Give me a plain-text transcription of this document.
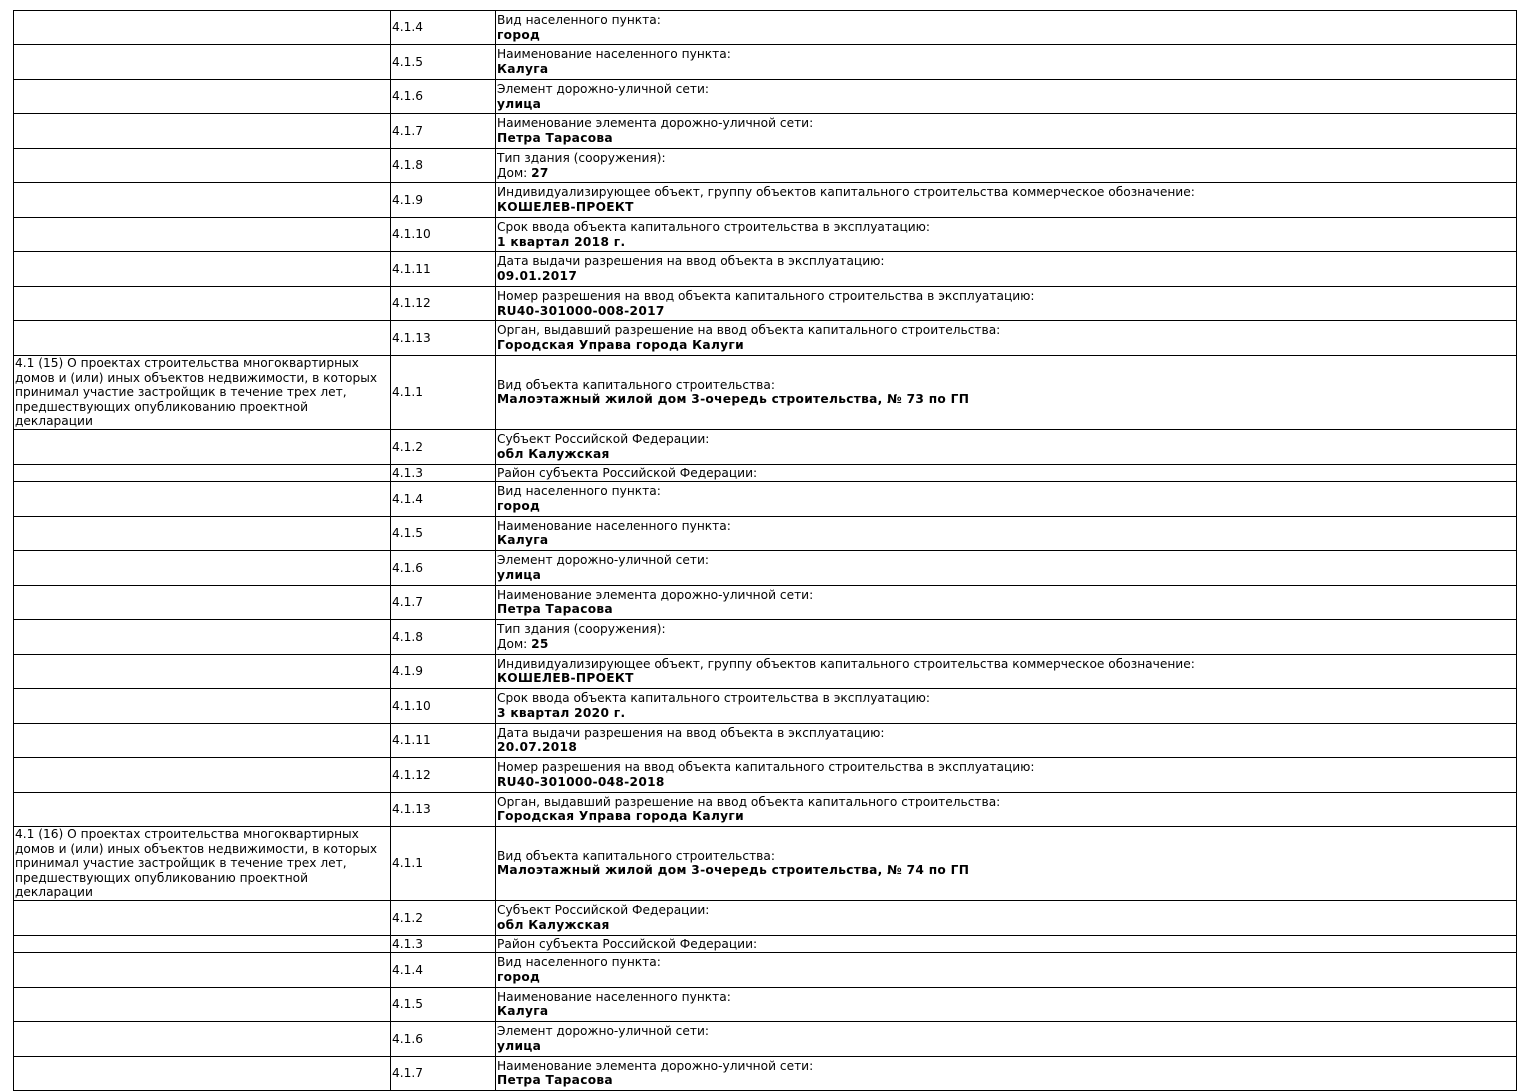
	4.1.4	Вид населенного пункта:
город

	4.1.5	Наименование населенного пункта:
Калуга

	4.1.6	Элемент дорожно-уличной сети:
улица

	4.1.7	Наименование элемента дорожно-уличной сети:
Петра Тарасова

	4.1.8	Тип здания (сооружения):
Дом: 27

	4.1.9	Индивидуализирующее объект, группу объектов капитального строительства коммерческое обозначение:
КОШЕЛЕВ-ПРОЕКТ

	4.1.10	Срок ввода объекта капитального строительства в эксплуатацию:
1 квартал 2018 г.

	4.1.11	Дата выдачи разрешения на ввод объекта в эксплуатацию:
09.01.2017

	4.1.12	Номер разрешения на ввод объекта капитального строительства в эксплуатацию:
RU40-301000-008-2017

	4.1.13	Орган, выдавший разрешение на ввод объекта капитального строительства:
Городская Управа города Калуги

4.1 (15) О проектах строительства многоквартирных домов и (или) иных объектов недвижимости, в которых принимал участие застройщик в течение трех лет, предшествующих опубликованию проектной декларации	4.1.1	Вид объекта капитального строительства:
Малоэтажный жилой дом 3-очередь строительства, № 73 по ГП

	4.1.2	Субъект Российской Федерации:
обл Калужская

	4.1.3	Район субъекта Российской Федерации:

	4.1.4	Вид населенного пункта:
город

	4.1.5	Наименование населенного пункта:
Калуга

	4.1.6	Элемент дорожно-уличной сети:
улица

	4.1.7	Наименование элемента дорожно-уличной сети:
Петра Тарасова

	4.1.8	Тип здания (сооружения):
Дом: 25

	4.1.9	Индивидуализирующее объект, группу объектов капитального строительства коммерческое обозначение:
КОШЕЛЕВ-ПРОЕКТ

	4.1.10	Срок ввода объекта капитального строительства в эксплуатацию:
3 квартал 2020 г.

	4.1.11	Дата выдачи разрешения на ввод объекта в эксплуатацию:
20.07.2018

	4.1.12	Номер разрешения на ввод объекта капитального строительства в эксплуатацию:
RU40-301000-048-2018

	4.1.13	Орган, выдавший разрешение на ввод объекта капитального строительства:
Городская Управа города Калуги

4.1 (16) О проектах строительства многоквартирных домов и (или) иных объектов недвижимости, в которых принимал участие застройщик в течение трех лет, предшествующих опубликованию проектной декларации	4.1.1	Вид объекта капитального строительства:
Малоэтажный жилой дом 3-очередь строительства, № 74 по ГП

	4.1.2	Субъект Российской Федерации:
обл Калужская

	4.1.3	Район субъекта Российской Федерации:

	4.1.4	Вид населенного пункта:
город

	4.1.5	Наименование населенного пункта:
Калуга

	4.1.6	Элемент дорожно-уличной сети:
улица

	4.1.7	Наименование элемента дорожно-уличной сети:
Петра Тарасова
